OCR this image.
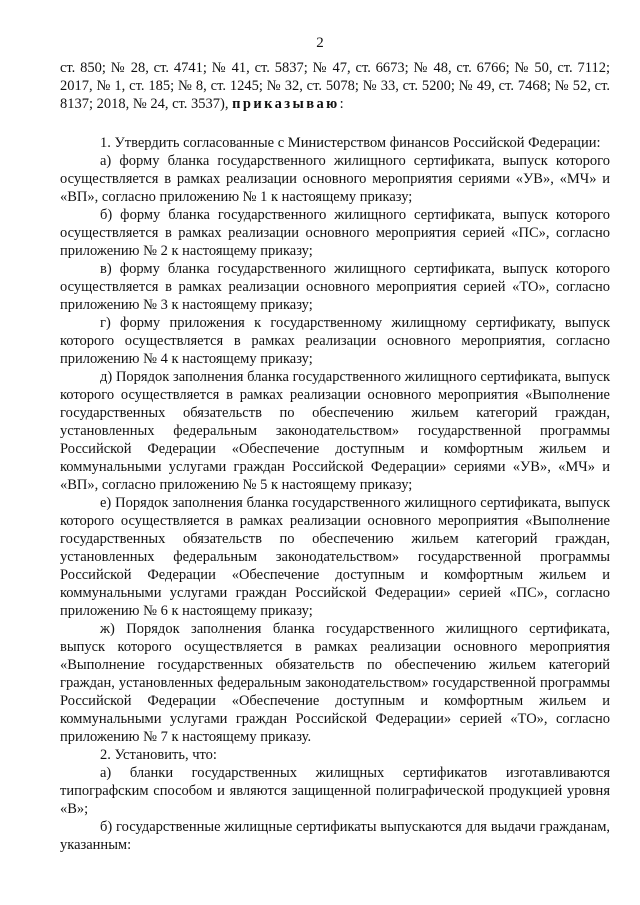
2

ст. 850; № 28, ст. 4741; № 41, ст. 5837; № 47, ст. 6673; № 48, ст. 6766; № 50, ст. 7112; 2017, № 1, ст. 185; № 8, ст. 1245; № 32, ст. 5078; № 33, ст. 5200; № 49, ст. 7468; № 52, ст. 8137; 2018, № 24, ст. 3537), приказываю:

1. Утвердить согласованные с Министерством финансов Российской Федерации:

а) форму бланка государственного жилищного сертификата, выпуск которого осуществляется в рамках реализации основного мероприятия сериями «УВ», «МЧ» и «ВП», согласно приложению № 1 к настоящему приказу;

б) форму бланка государственного жилищного сертификата, выпуск которого осуществляется в рамках реализации основного мероприятия серией «ПС», согласно приложению № 2 к настоящему приказу;

в) форму бланка государственного жилищного сертификата, выпуск которого осуществляется в рамках реализации основного мероприятия серией «ТО», согласно приложению № 3 к настоящему приказу;

г) форму приложения к государственному жилищному сертификату, выпуск которого осуществляется в рамках реализации основного мероприятия, согласно приложению № 4 к настоящему приказу;

д) Порядок заполнения бланка государственного жилищного сертификата, выпуск которого осуществляется в рамках реализации основного мероприятия «Выполнение государственных обязательств по обеспечению жильем категорий граждан, установленных федеральным законодательством» государственной программы Российской Федерации «Обеспечение доступным и комфортным жильем и коммунальными услугами граждан Российской Федерации» сериями «УВ», «МЧ» и «ВП», согласно приложению № 5 к настоящему приказу;

е) Порядок заполнения бланка государственного жилищного сертификата, выпуск которого осуществляется в рамках реализации основного мероприятия «Выполнение государственных обязательств по обеспечению жильем категорий граждан, установленных федеральным законодательством» государственной программы Российской Федерации «Обеспечение доступным и комфортным жильем и коммунальными услугами граждан Российской Федерации» серией «ПС», согласно приложению № 6 к настоящему приказу;

ж) Порядок заполнения бланка государственного жилищного сертификата, выпуск которого осуществляется в рамках реализации основного мероприятия «Выполнение государственных обязательств по обеспечению жильем категорий граждан, установленных федеральным законодательством» государственной программы Российской Федерации «Обеспечение доступным и комфортным жильем и коммунальными услугами граждан Российской Федерации» серией «ТО», согласно приложению № 7 к настоящему приказу.

2. Установить, что:

а) бланки государственных жилищных сертификатов изготавливаются типографским способом и являются защищенной полиграфической продукцией уровня «В»;

б) государственные жилищные сертификаты выпускаются для выдачи гражданам, указанным:
